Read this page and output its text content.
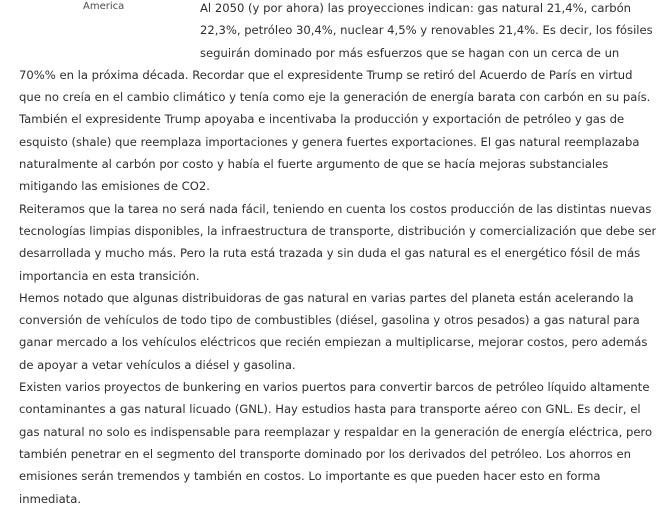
America	Al 2050 (y por ahora) las proyecciones indican: gas natural 21,4%, carbón
22,3%, petróleo 30,4%, nuclear 4,5% y renovables 21,4%. Es decir, los fósiles
seguirán dominado por más esfuerzos que se hagan con un cerca de un
70%% en la próxima década. Recordar que el expresidente Trump se retiró del Acuerdo de París en virtud
que no creía en el cambio climático y tenía como eje la generación de energía barata con carbón en su país.
También el expresidente Trump apoyaba e incentivaba la producción y exportación de petróleo y gas de
esquisto (shale) que reemplaza importaciones y genera fuertes exportaciones. El gas natural reemplazaba
naturalmente al carbón por costo y había el fuerte argumento de que se hacía mejoras substanciales
mitigando las emisiones de CO2.
Reiteramos que la tarea no será nada fácil, teniendo en cuenta los costos producción de las distintas nuevas
tecnologías limpias disponibles, la infraestructura de transporte, distribución y comercialización que debe ser
desarrollada y mucho más. Pero la ruta está trazada y sin duda el gas natural es el energético fósil de más
importancia en esta transición.
Hemos notado que algunas distribuidoras de gas natural en varias partes del planeta están acelerando la
conversión de vehículos de todo tipo de combustibles (diésel, gasolina y otros pesados) a gas natural para
ganar mercado a los vehículos eléctricos que recién empiezan a multiplicarse, mejorar costos, pero además
de apoyar a vetar vehículos a diésel y gasolina.
Existen varios proyectos de bunkering en varios puertos para convertir barcos de petróleo líquido altamente
contaminantes a gas natural licuado (GNL). Hay estudios hasta para transporte aéreo con GNL. Es decir, el
gas natural no solo es indispensable para reemplazar y respaldar en la generación de energía eléctrica, pero
también penetrar en el segmento del transporte dominado por los derivados del petróleo. Los ahorros en
emisiones serán tremendos y también en costos. Lo importante es que pueden hacer esto en forma
inmediata.
